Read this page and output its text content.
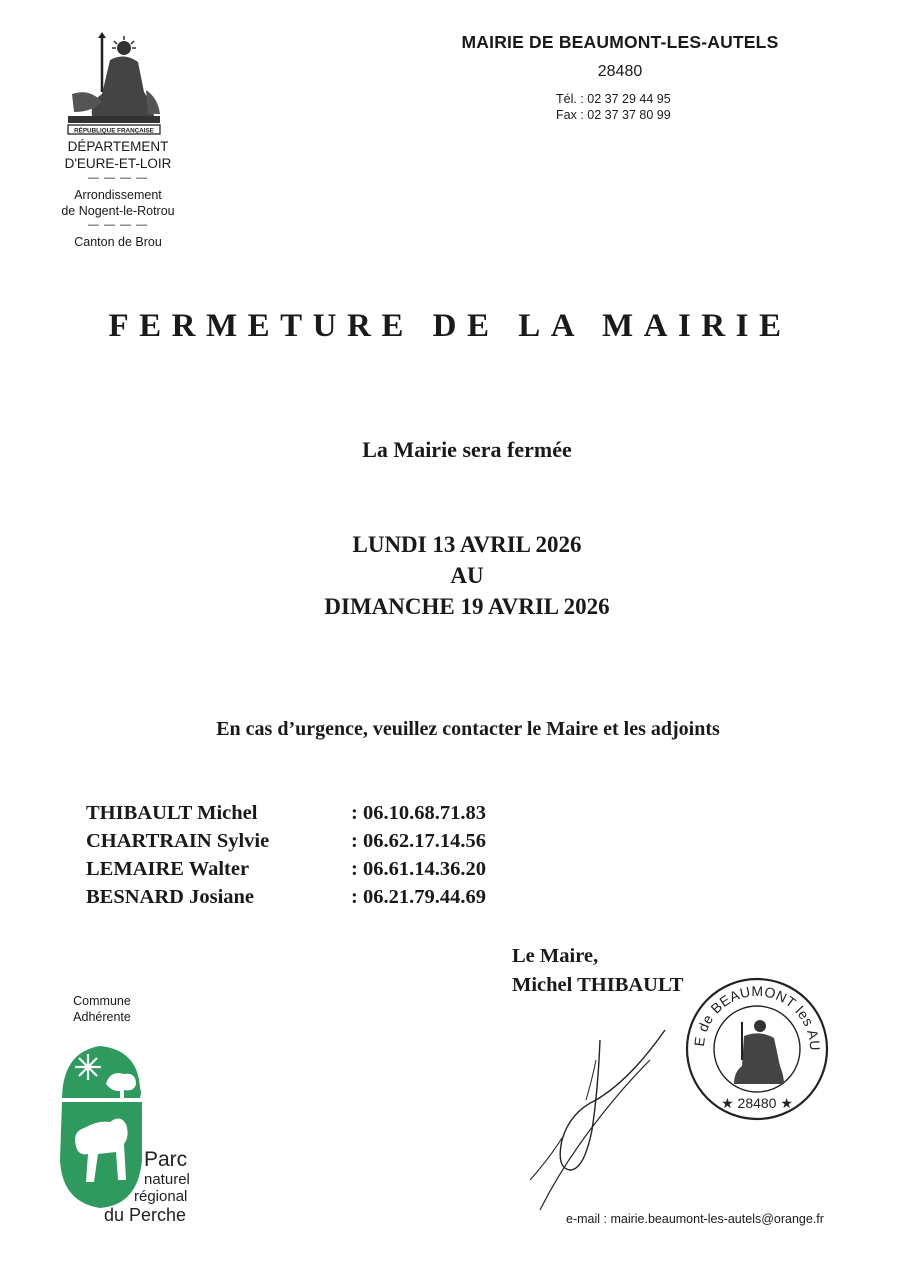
RÉPUBLIQUE FRANÇAISE
DÉPARTEMENT
D'EURE-ET-LOIR
— — — —
Arrondissement
de Nogent-le-Rotrou
— — — —
Canton de Brou
MAIRIE DE BEAUMONT-LES-AUTELS
28480
Tél. : 02 37 29 44 95
Fax : 02 37 37 80 99
FERMETURE DE LA MAIRIE
La Mairie sera fermée
LUNDI 13 AVRIL 2026
AU
DIMANCHE 19 AVRIL 2026
En cas d’urgence, veuillez contacter le Maire et les adjoints
THIBAULT Michel	: 06.10.68.71.83
CHARTRAIN Sylvie	: 06.62.17.14.56
LEMAIRE Walter	: 06.61.14.36.20
BESNARD Josiane	: 06.21.79.44.69
Le Maire,
Michel THIBAULT
E de BEAUMONT les AU
★ 28480 ★
Commune
Adhérente
Parc
naturel
régional
du Perche	e-mail : mairie.beaumont-les-autels@orange.fr
